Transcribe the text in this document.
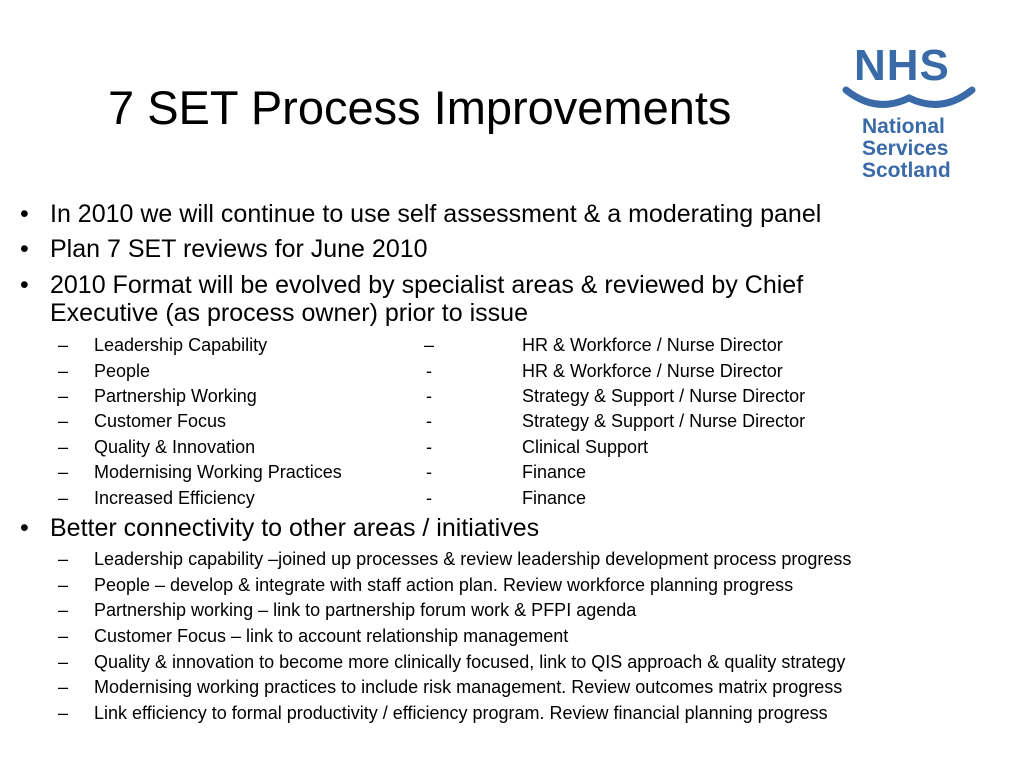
7 SET Process Improvements
NHS
National
Services
Scotland
• In 2010 we will continue to use self assessment & a moderating panel
• Plan 7 SET reviews for June 2010
• 2010 Format will be evolved by specialist areas & reviewed by Chief
Executive (as process owner) prior to issue
– Leadership Capability	–	HR & Workforce / Nurse Director
– People	-	HR & Workforce / Nurse Director
– Partnership Working	-	Strategy & Support / Nurse Director
– Customer Focus	-	Strategy & Support / Nurse Director
– Quality & Innovation	-	Clinical Support
– Modernising Working Practices	-	Finance
– Increased Efficiency	-	Finance
• Better connectivity to other areas / initiatives
– Leadership capability –joined up processes & review leadership development process progress
– People – develop & integrate with staff action plan. Review workforce planning progress
– Partnership working – link to partnership forum work & PFPI agenda
– Customer Focus – link to account relationship management
– Quality & innovation to become more clinically focused, link to QIS approach & quality strategy
– Modernising working practices to include risk management. Review outcomes matrix progress
– Link efficiency to formal productivity / efficiency program. Review financial planning progress
